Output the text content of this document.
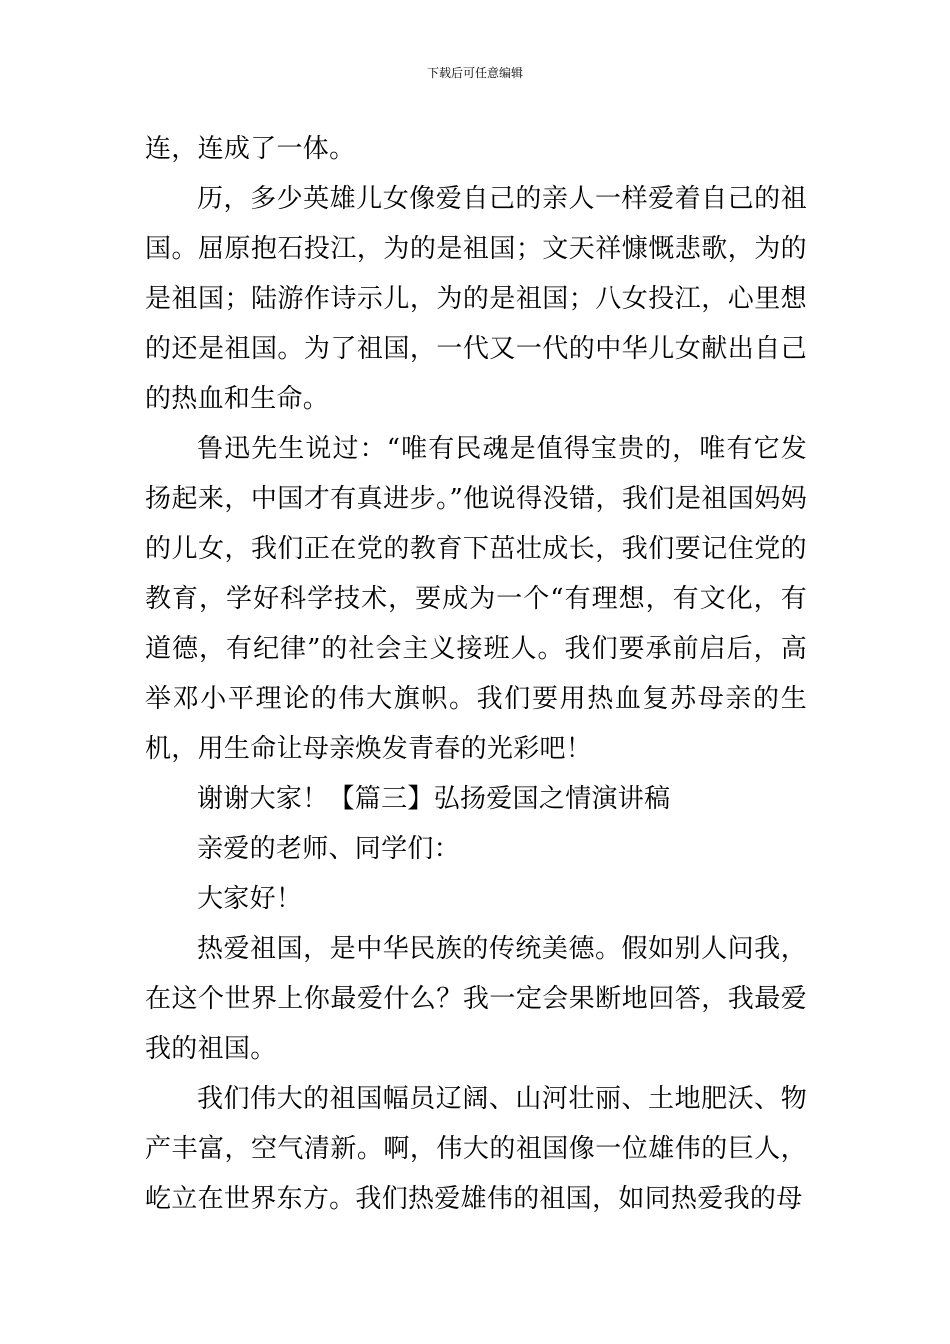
下载后可任意编辑

连，连成了一体。

历，多少英雄儿女像爱自己的亲人一样爱着自己的祖国。屈原抱石投江，为的是祖国；文天祥慷慨悲歌，为的是祖国；陆游作诗示儿，为的是祖国；八女投江，心里想的还是祖国。为了祖国，一代又一代的中华儿女献出自己的热血和生命。

鲁迅先生说过：“唯有民魂是值得宝贵的，唯有它发扬起来，中国才有真进步。”他说得没错，我们是祖国妈妈的儿女，我们正在党的教育下茁壮成长，我们要记住党的教育，学好科学技术，要成为一个“有理想，有文化，有道德，有纪律”的社会主义接班人。我们要承前启后，高举邓小平理论的伟大旗帜。我们要用热血复苏母亲的生机，用生命让母亲焕发青春的光彩吧！

谢谢大家！【篇三】弘扬爱国之情演讲稿

亲爱的老师、同学们：

大家好！

热爱祖国，是中华民族的传统美德。假如别人问我，在这个世界上你最爱什么？我一定会果断地回答，我最爱我的祖国。

我们伟大的祖国幅员辽阔、山河壮丽、土地肥沃、物产丰富，空气清新。啊，伟大的祖国像一位雄伟的巨人，屹立在世界东方。我们热爱雄伟的祖国，如同热爱我的母
